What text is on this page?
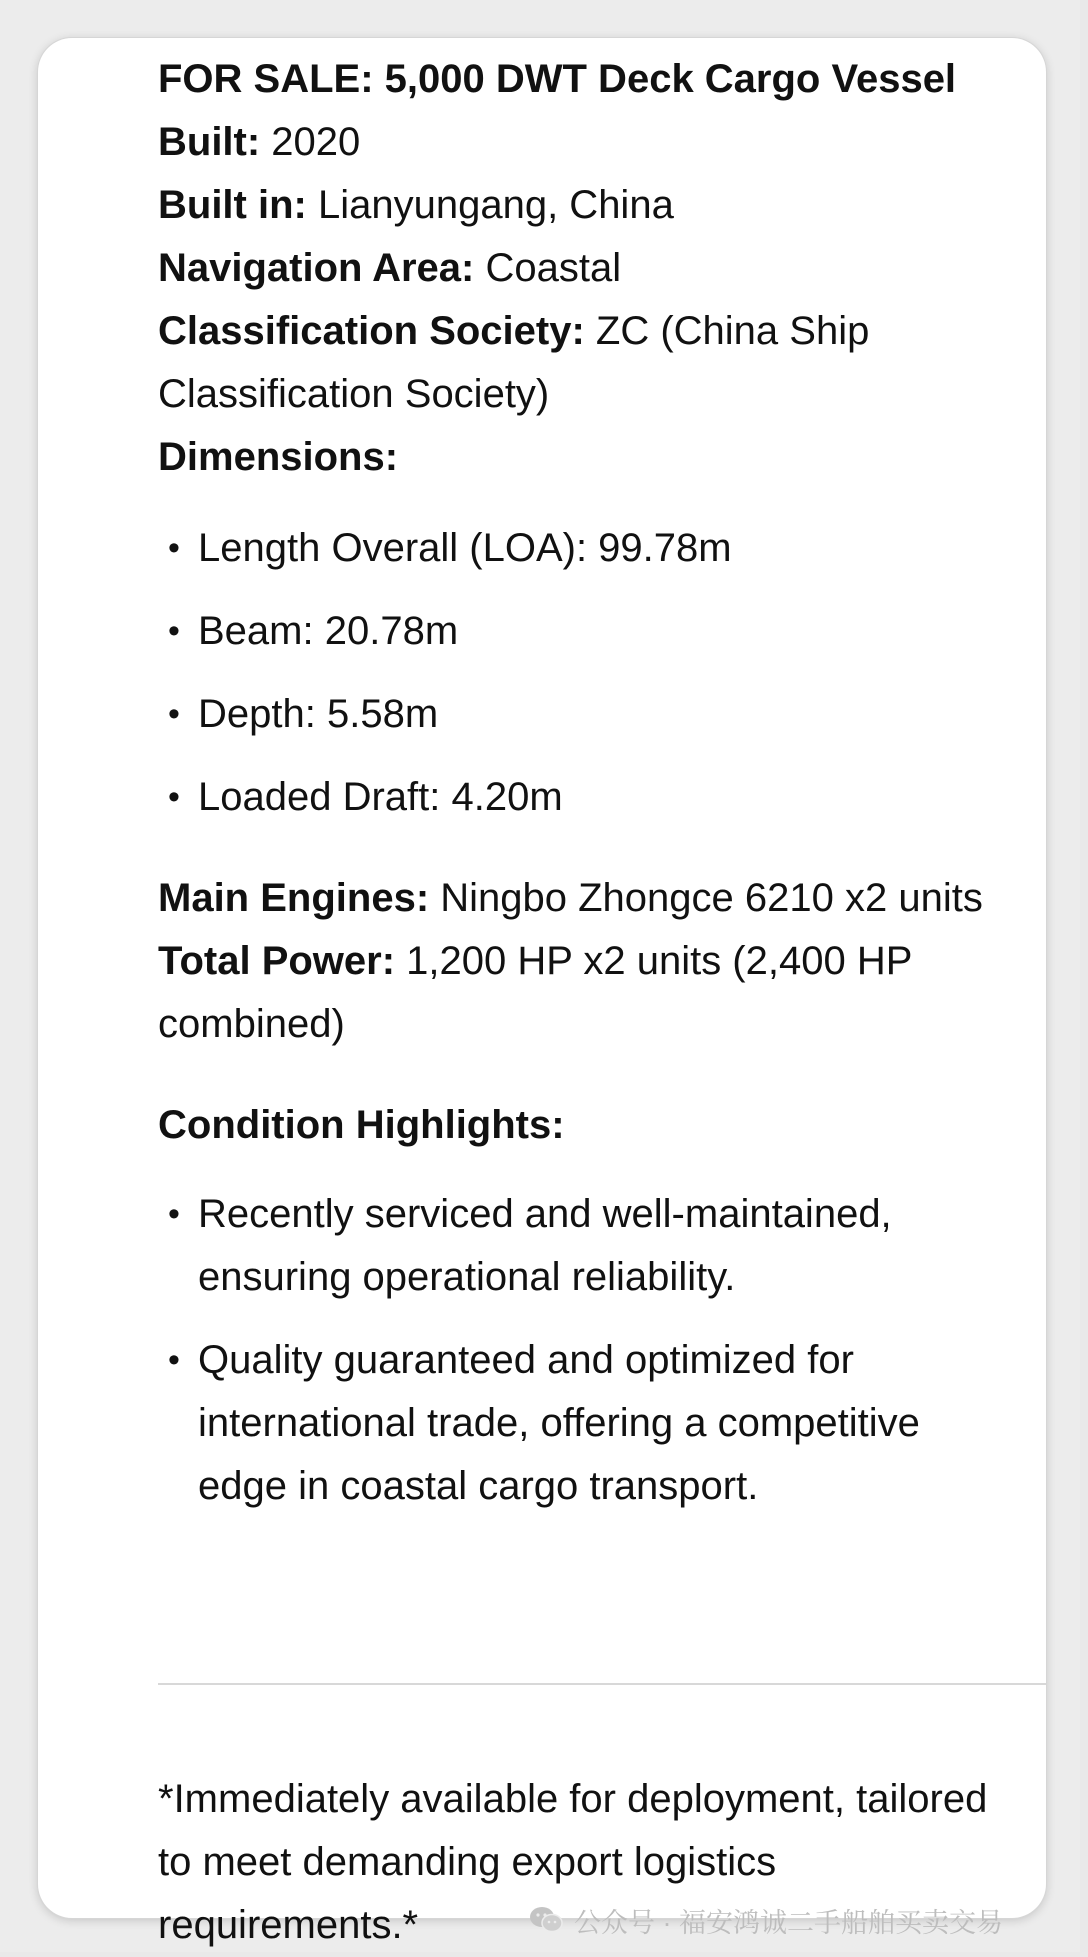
FOR SALE: 5,000 DWT Deck Cargo Vessel
Built: 2020
Built in: Lianyungang, China
Navigation Area: Coastal
Classification Society: ZC (China Ship Classification Society)
Dimensions:
• Length Overall (LOA): 99.78m
• Beam: 20.78m
• Depth: 5.58m
• Loaded Draft: 4.20m
Main Engines: Ningbo Zhongce 6210 x2 units
Total Power: 1,200 HP x2 units (2,400 HP combined)
Condition Highlights:
• Recently serviced and well-maintained, ensuring operational reliability.
• Quality guaranteed and optimized for international trade, offering a competitive edge in coastal cargo transport.
*Immediately available for deployment, tailored to meet demanding export logistics requirements.*	公众号 · 福安鸿诚二手船舶买卖交易
